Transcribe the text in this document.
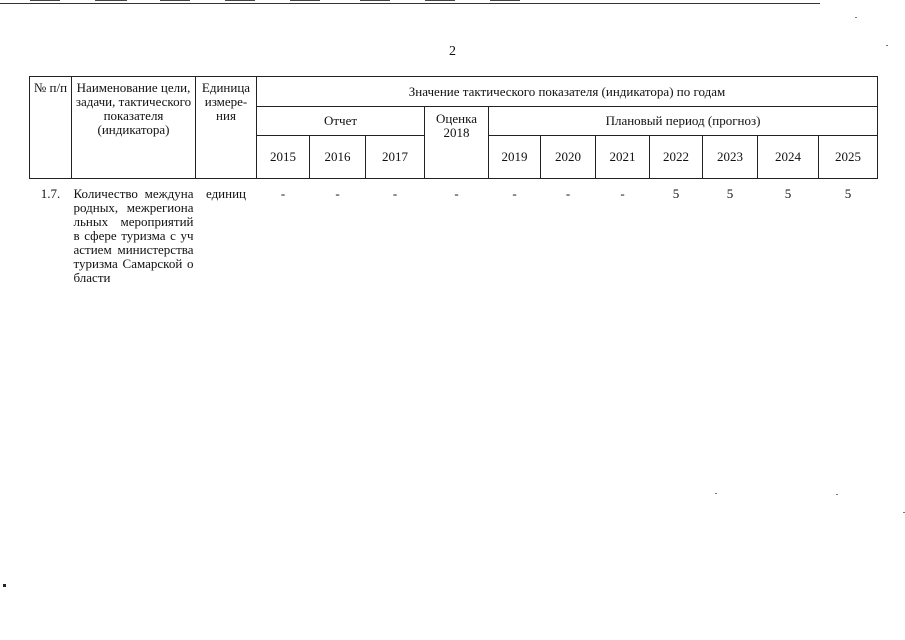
2
№ п/п	Наименование цели, задачи, тактического показателя (индикатора)	Единица измере-ния	Значение тактического показателя (индикатора) по годам										
			Отчет			Оценка 2018	Плановый период (прогноз)						
			2015	2016	2017		2019	2020	2021	2022	2023	2024	2025
1.7.	Количество международных, межрегиональных мероприятий в сфере туризма с участием министерства туризма Самарской области	единиц	-	-	-	-	-	-	-	5	5	5	5
